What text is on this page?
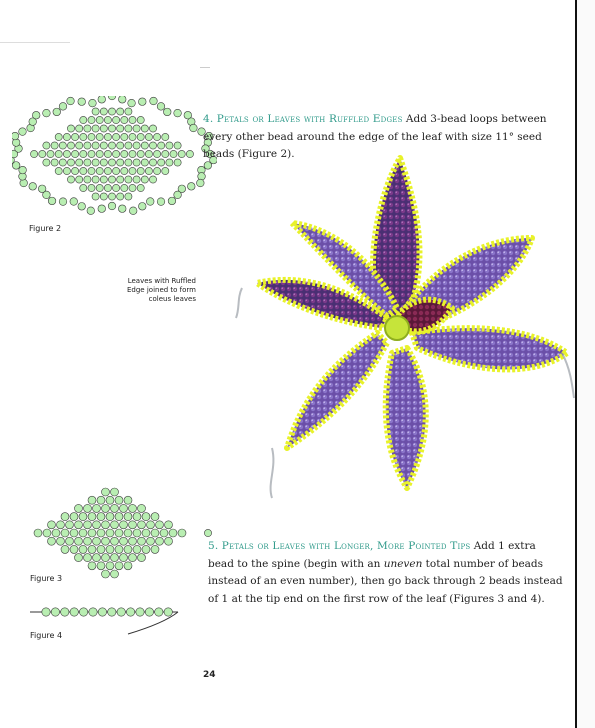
Figure 2
Leaves with Ruffled Edge joined to form coleus leaves
4. Petals or Leaves with Ruffled Edges Add 3-bead loops between every other bead around the edge of the leaf with size 11° seed beads (Figure 2).
Figure 3
Figure 4
5. Petals or Leaves with Longer, More Pointed Tips Add 1 extra bead to the spine (begin with an uneven total number of beads instead of an even number), then go back through 2 beads instead of 1 at the tip end on the first row of the leaf (Figures 3 and 4).
24
